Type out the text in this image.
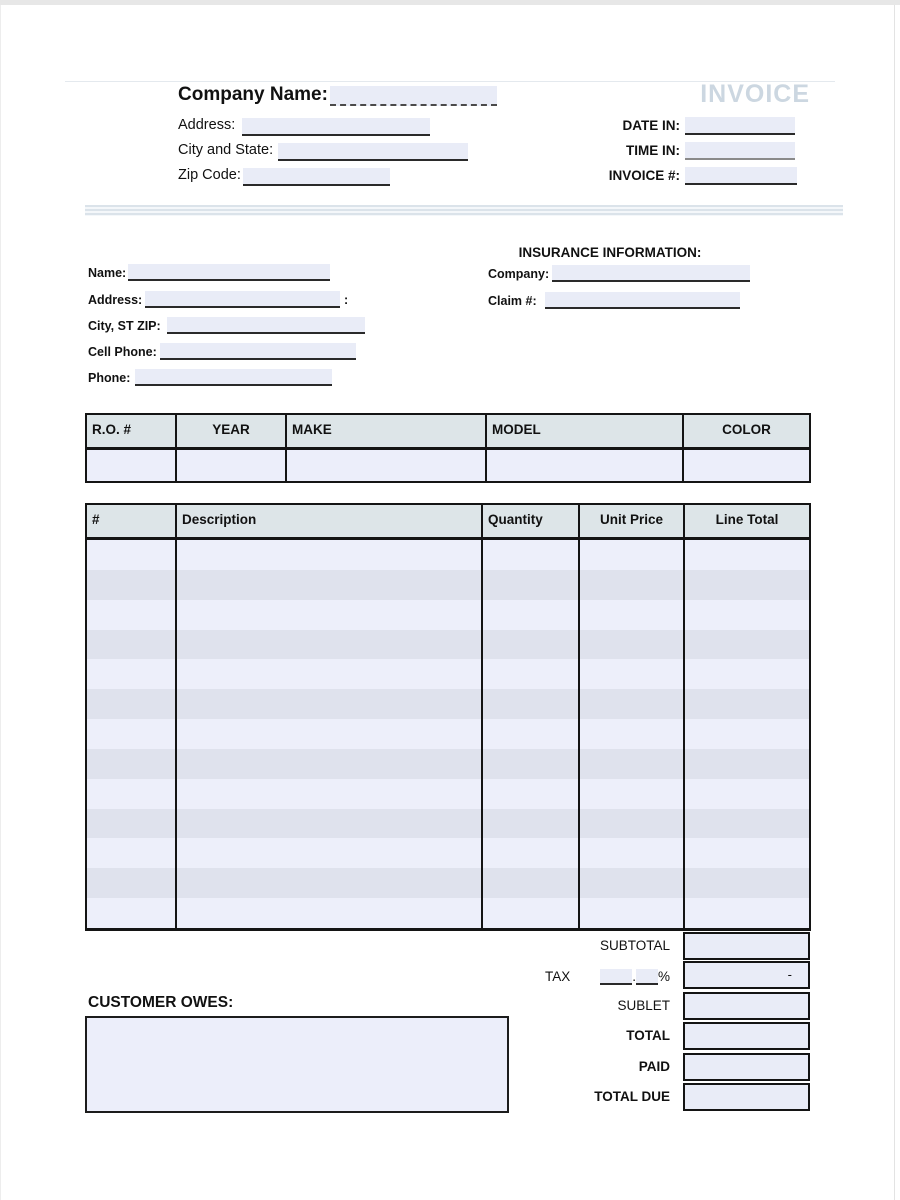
Company Name:	INVOICE
Address:
City and State:
Zip Code:
DATE IN:
TIME IN:
INVOICE #:
INSURANCE INFORMATION:
Name:
Address:	:
City, ST ZIP:
Cell Phone:
Phone:
Company:
Claim #:
R.O. #	YEAR	MAKE	MODEL	COLOR
#	Description	Quantity	Unit Price	Line Total
SUBTOTAL
TAX	. %	-
SUBLET
TOTAL
PAID
TOTAL DUE
CUSTOMER OWES:
